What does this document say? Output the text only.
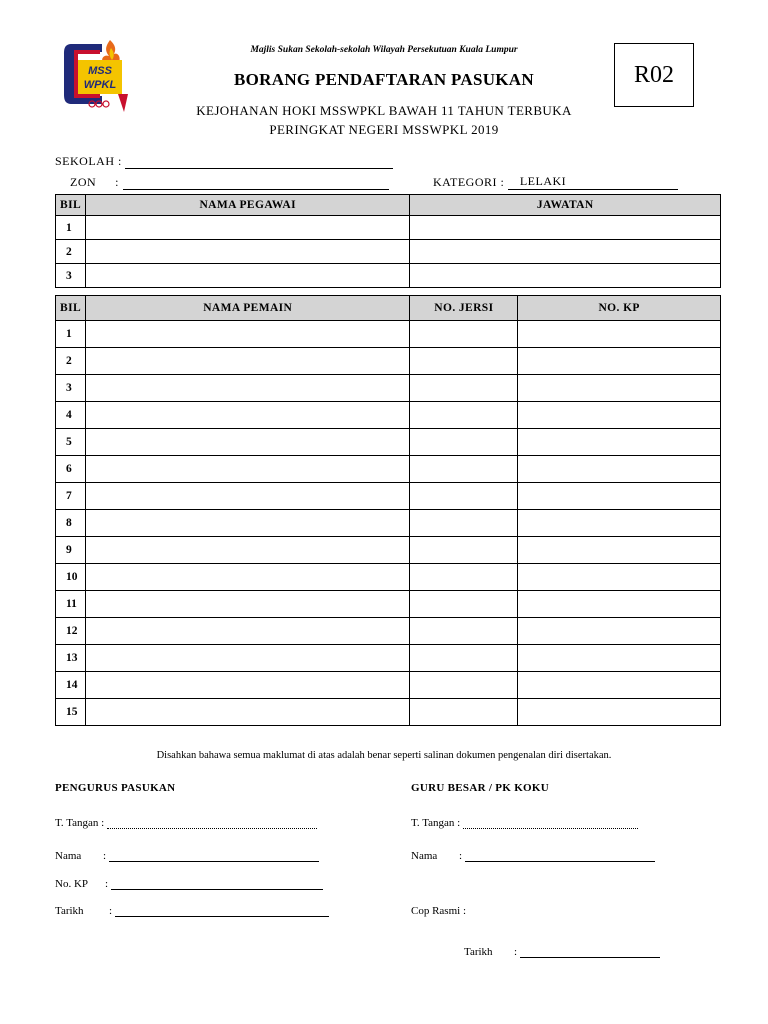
MSS
WPKL
Majlis Sukan Sekolah-sekolah Wilayah Persekutuan Kuala Lumpur
BORANG PENDAFTARAN PASUKAN
KEJOHANAN HOKI MSSWPKL BAWAH 11 TAHUN TERBUKA
PERINGKAT NEGERI MSSWPKL 2019
R02
SEKOLAH :
ZON :	KATEGORI : LELAKI
BIL	NAMA PEGAWAI	JAWATAN
1		
2		
3		
BIL	NAMA PEMAIN	NO. JERSI	NO. KP
1			
2			
3			
4			
5			
6			
7			
8			
9			
10			
11			
12			
13			
14			
15			
Disahkan bahawa semua maklumat di atas adalah benar seperti salinan dokumen pengenalan diri disertakan.
PENGURUS PASUKAN
T. Tangan :
Nama :
No. KP :
Tarikh :
GURU BESAR / PK KOKU
T. Tangan :
Nama :
Cop Rasmi :
Tarikh :
